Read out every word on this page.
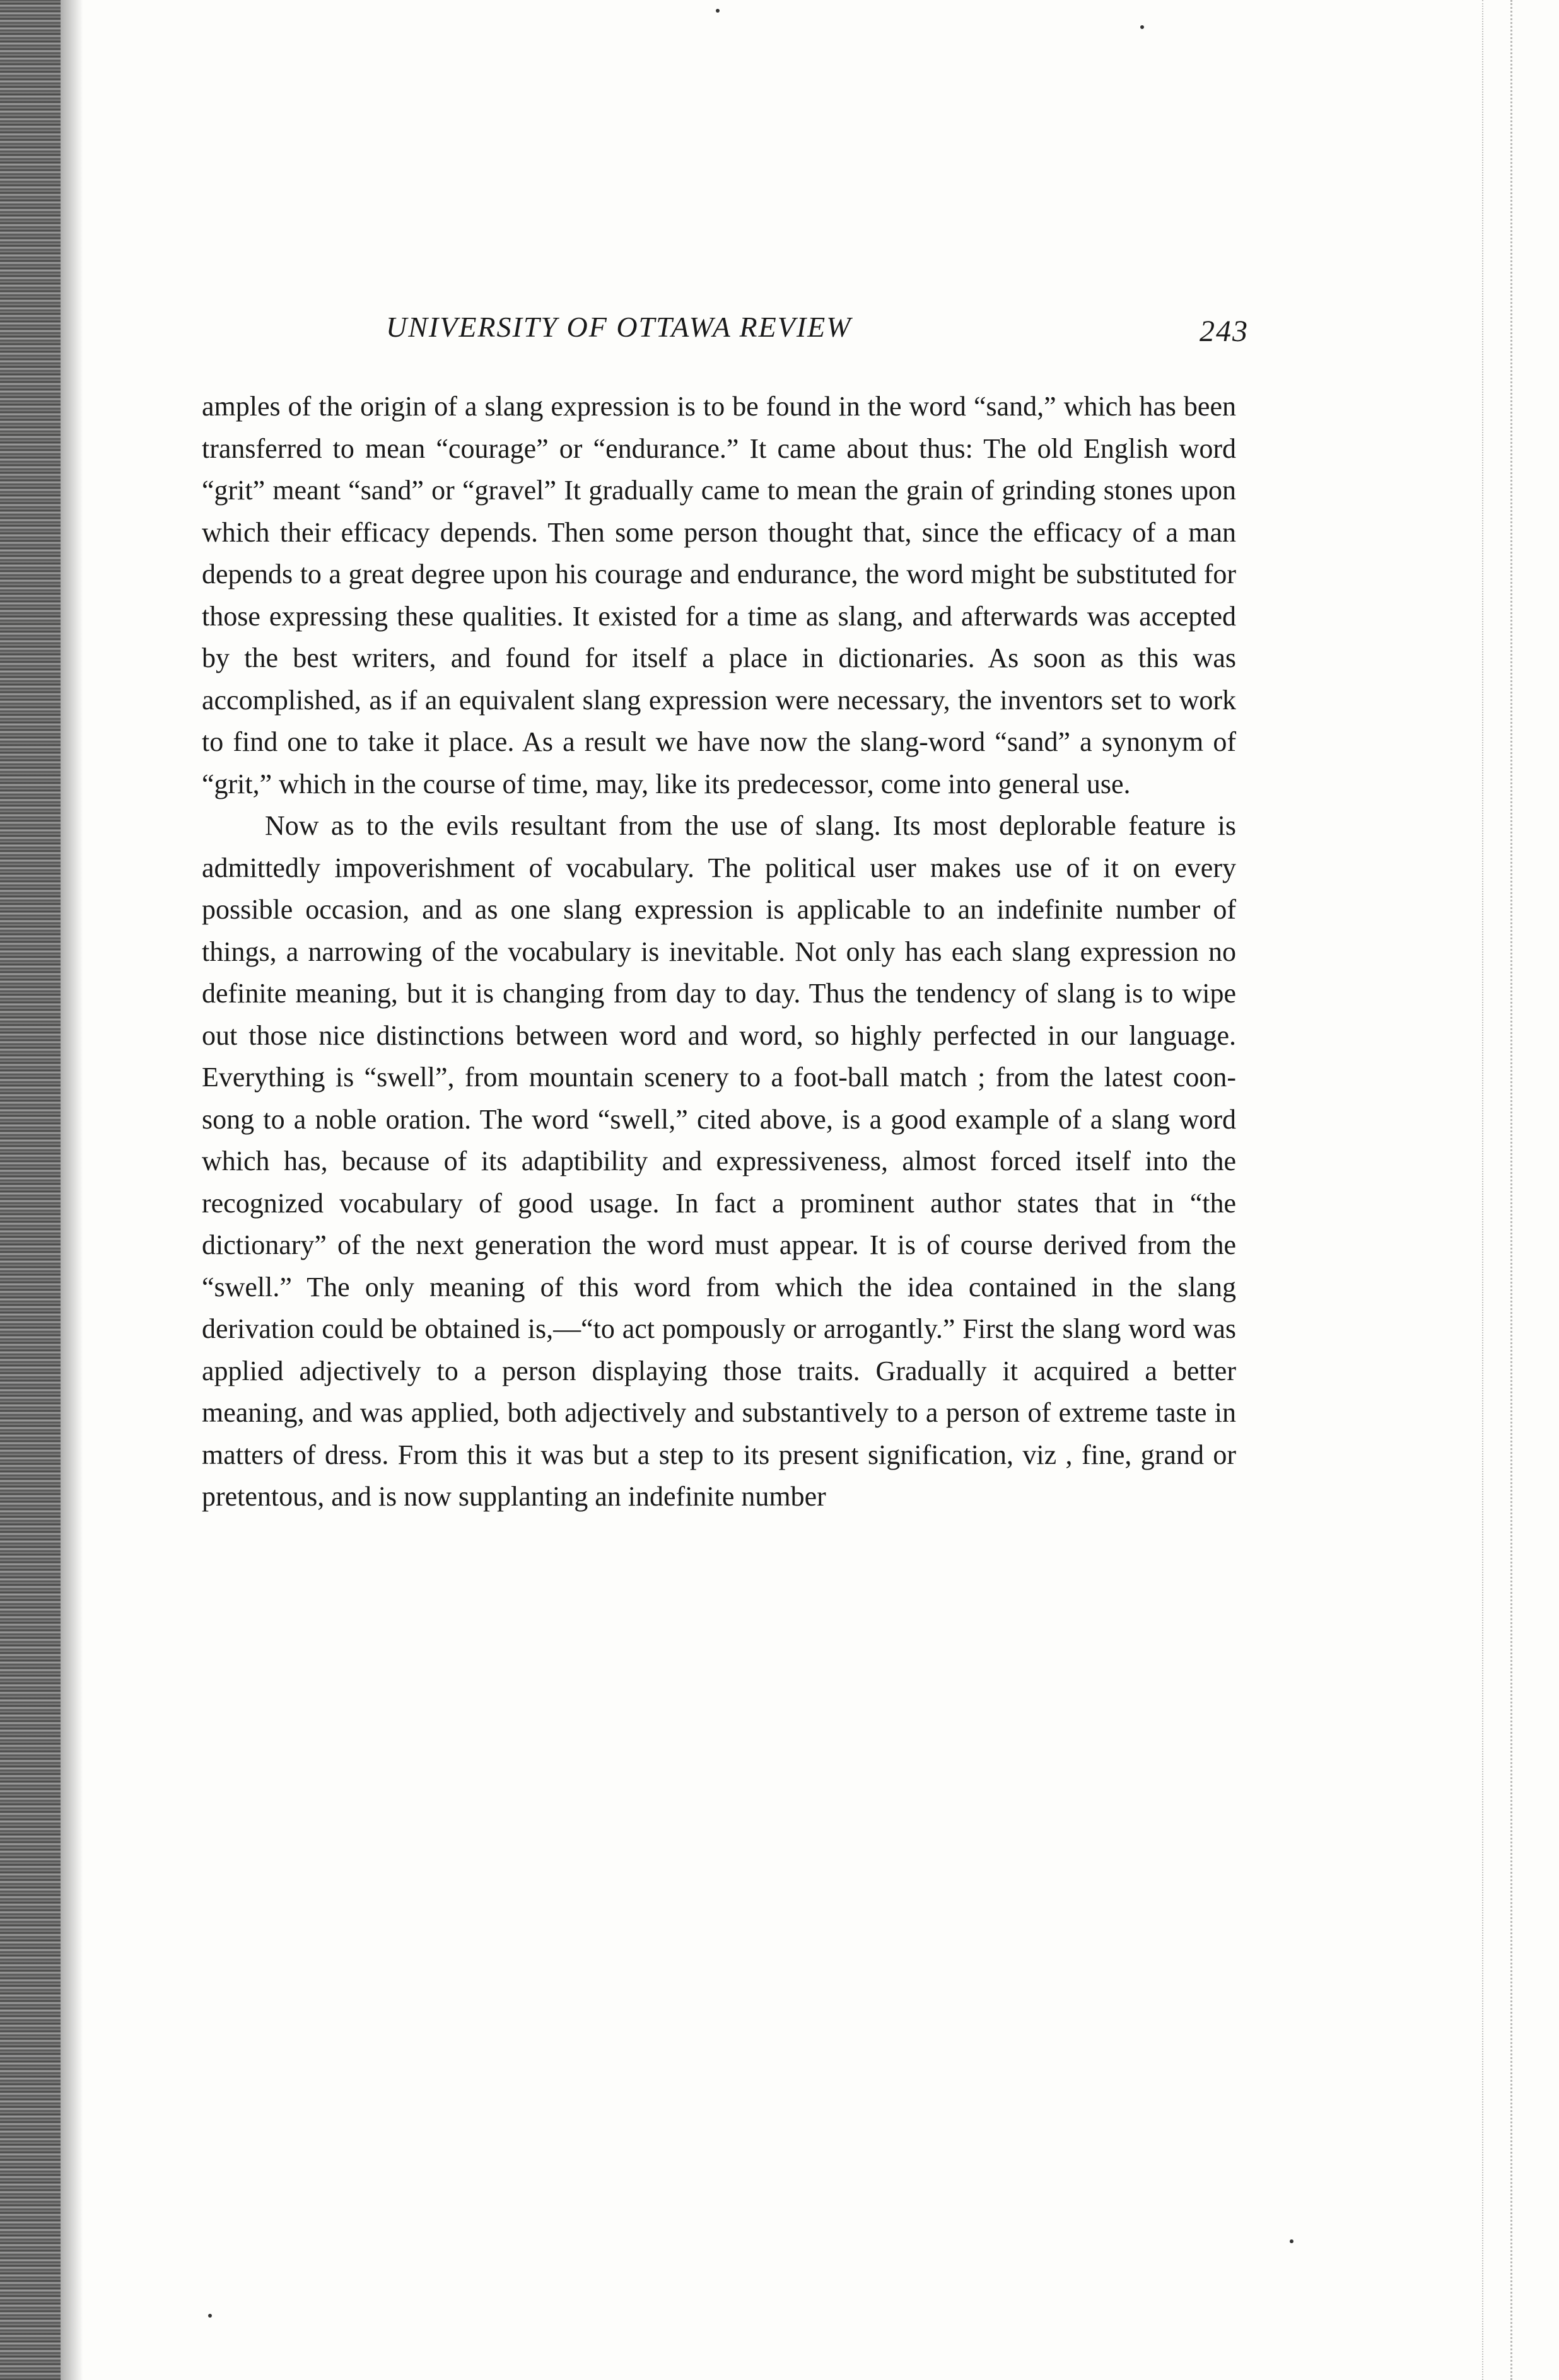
UNIVERSITY OF OTTAWA REVIEW	243

amples of the origin of a slang expression is to be found in the word “sand,” which has been transferred to mean “courage” or “endurance.” It came about thus: The old English word “grit” meant “sand” or “gravel” It gradually came to mean the grain of grinding stones upon which their efficacy depends. Then some person thought that, since the efficacy of a man depends to a great degree upon his courage and endurance, the word might be substituted for those expressing these qualities. It existed for a time as slang, and afterwards was accepted by the best writers, and found for itself a place in dictionaries. As soon as this was accomplished, as if an equivalent slang expression were necessary, the inventors set to work to find one to take it place. As a result we have now the slang-word “sand” a synonym of “grit,” which in the course of time, may, like its predecessor, come into general use.

Now as to the evils resultant from the use of slang. Its most deplorable feature is admittedly impoverishment of vocabulary. The political user makes use of it on every possible occasion, and as one slang expression is applicable to an indefinite number of things, a narrowing of the vocabulary is inevitable. Not only has each slang expression no definite meaning, but it is changing from day to day. Thus the tendency of slang is to wipe out those nice distinctions between word and word, so highly perfected in our language. Everything is “swell”, from mountain scenery to a foot-ball match ; from the latest coon-song to a noble oration. The word “swell,” cited above, is a good example of a slang word which has, because of its adaptibility and expressiveness, almost forced itself into the recognized vocabulary of good usage. In fact a prominent author states that in “the dictionary” of the next generation the word must appear. It is of course derived from the “swell.” The only meaning of this word from which the idea contained in the slang derivation could be obtained is,—“to act pompously or arrogantly.” First the slang word was applied adjectively to a person displaying those traits. Gradually it acquired a better meaning, and was applied, both adjectively and substantively to a person of extreme taste in matters of dress. From this it was but a step to its present signification, viz , fine, grand or pretentous, and is now supplanting an indefinite number
